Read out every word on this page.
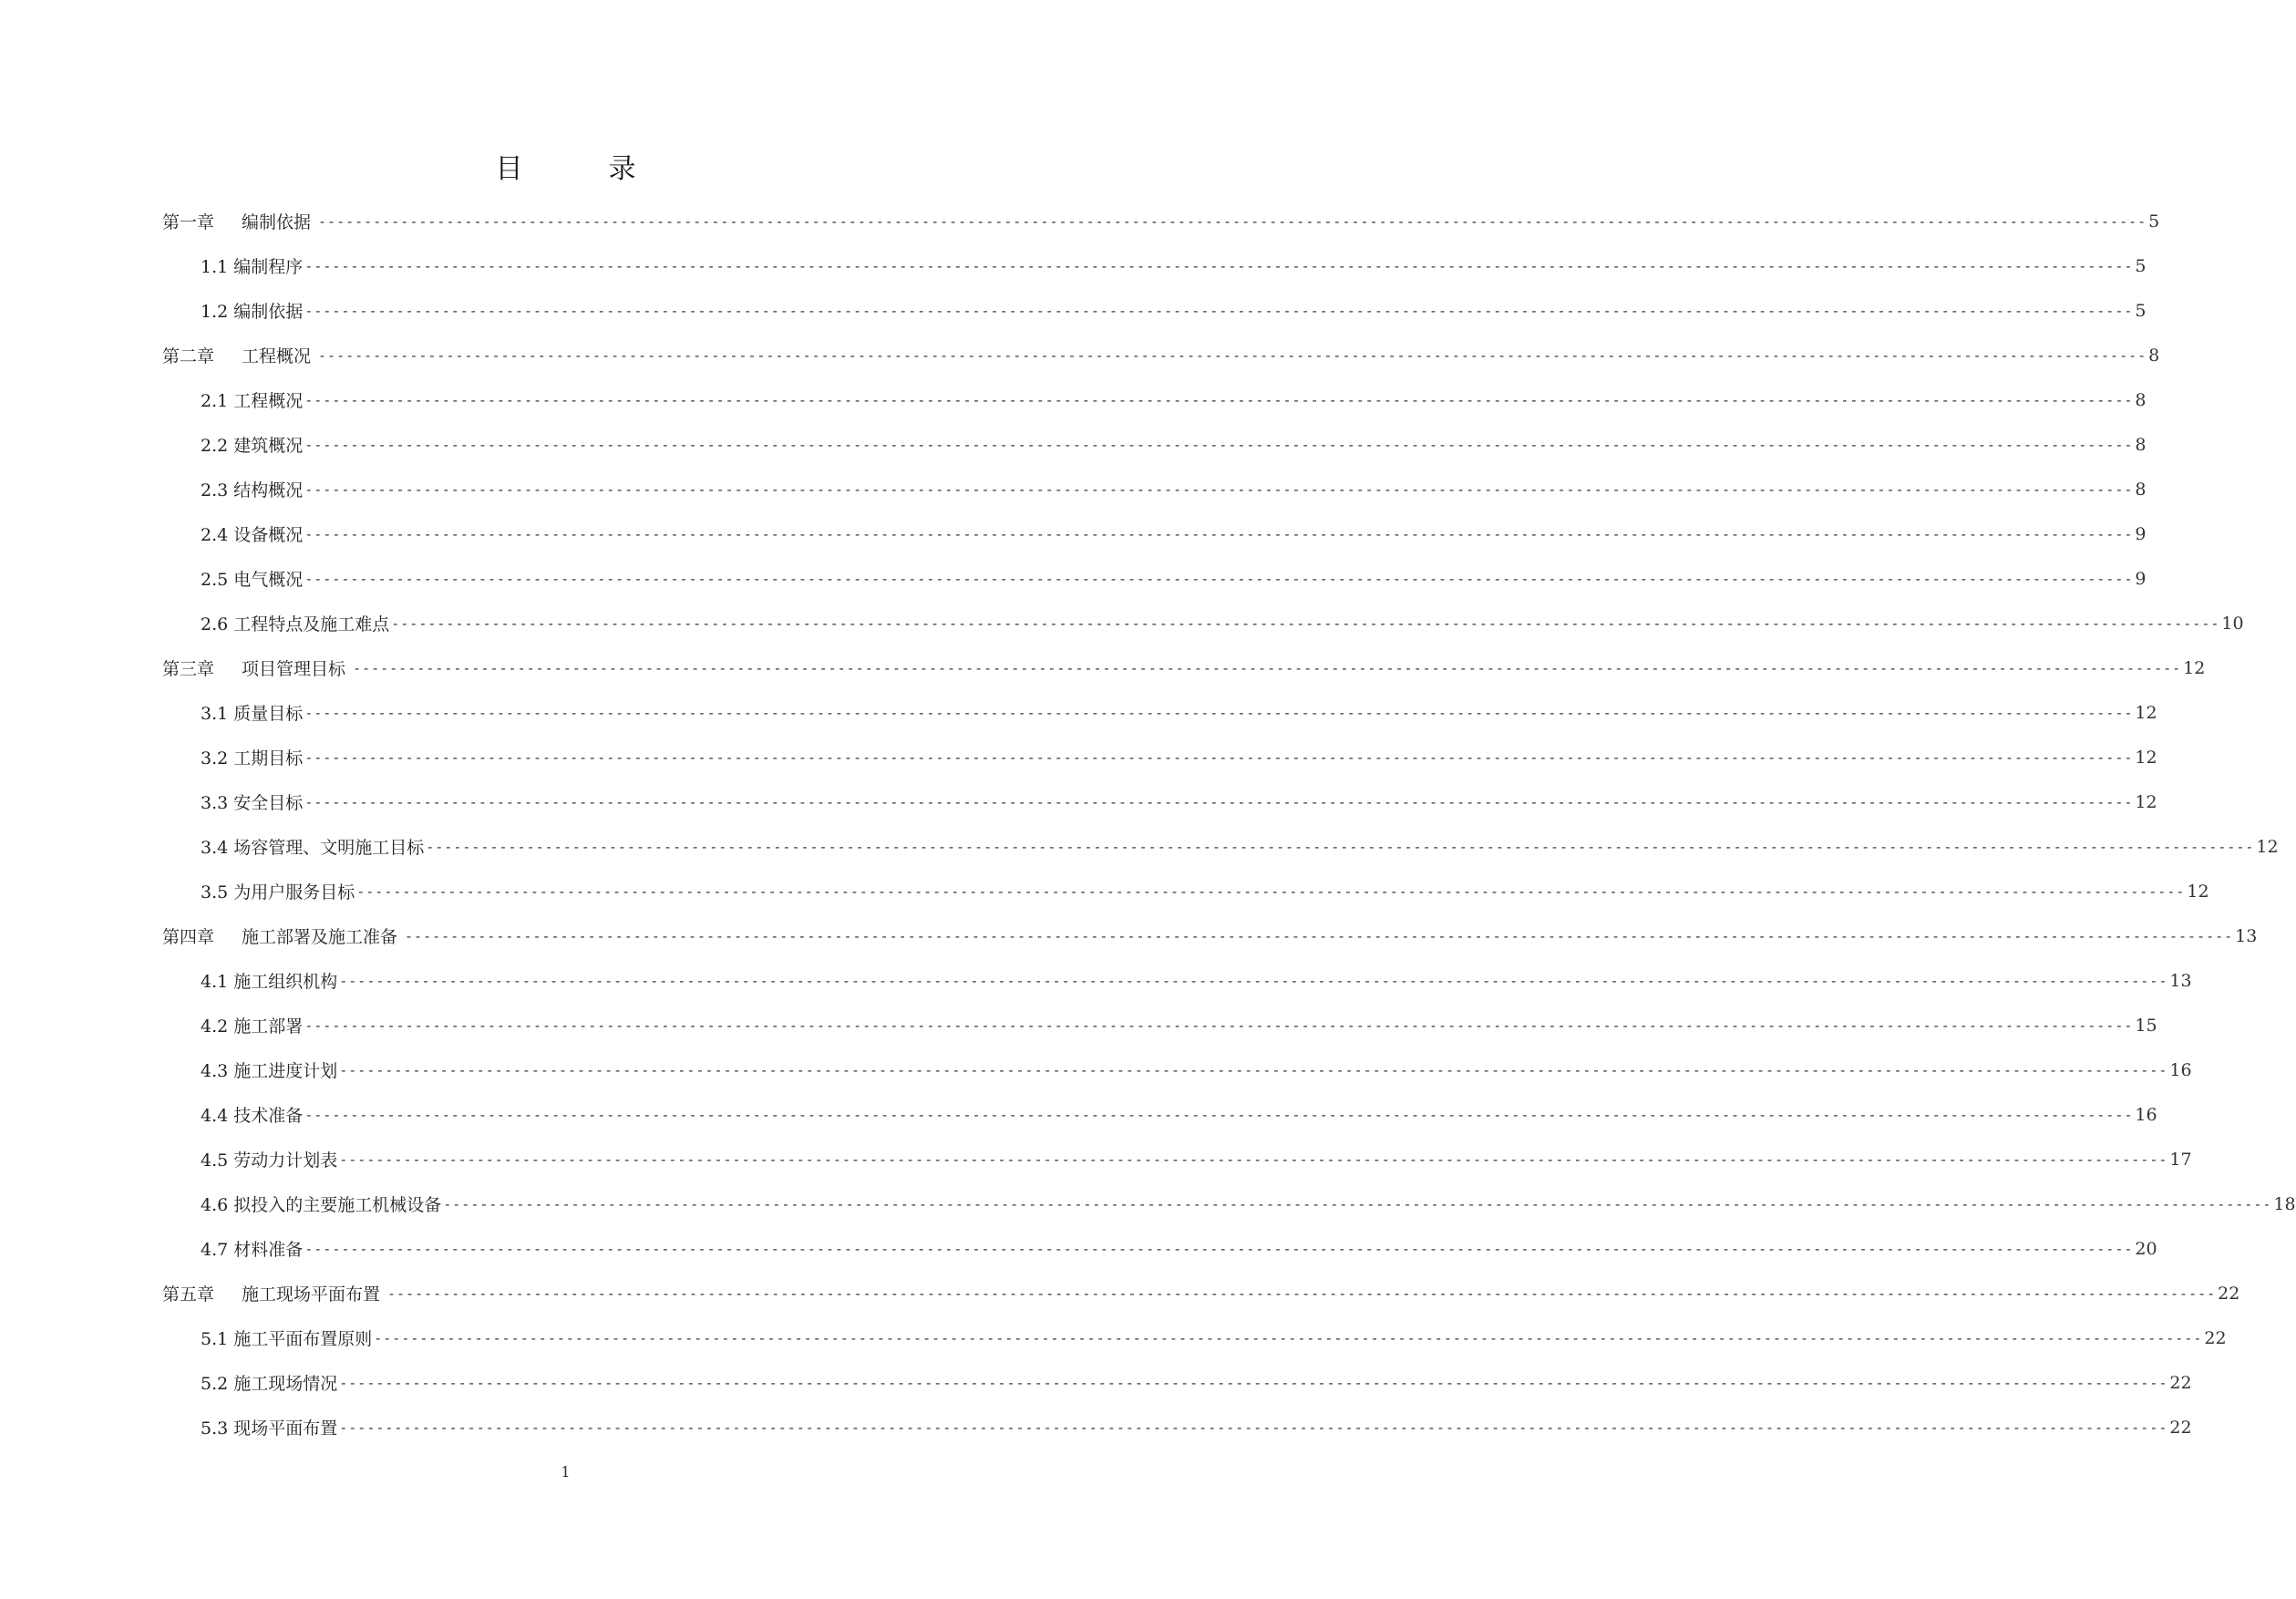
目	录
第一章 编制依据 -------------------------------------------------------------------------------------------------------------------------------------------------------------------------------------------------------- 5
1.1 编制程序 -------------------------------------------------------------------------------------------------------------------------------------------------------------------------------------------------------- 5
1.2 编制依据 -------------------------------------------------------------------------------------------------------------------------------------------------------------------------------------------------------- 5
第二章 工程概况 -------------------------------------------------------------------------------------------------------------------------------------------------------------------------------------------------------- 8
2.1 工程概况 -------------------------------------------------------------------------------------------------------------------------------------------------------------------------------------------------------- 8
2.2 建筑概况 -------------------------------------------------------------------------------------------------------------------------------------------------------------------------------------------------------- 8
2.3 结构概况 -------------------------------------------------------------------------------------------------------------------------------------------------------------------------------------------------------- 8
2.4 设备概况 -------------------------------------------------------------------------------------------------------------------------------------------------------------------------------------------------------- 9
2.5 电气概况 -------------------------------------------------------------------------------------------------------------------------------------------------------------------------------------------------------- 9
2.6 工程特点及施工难点 -------------------------------------------------------------------------------------------------------------------------------------------------------------------------------------------------------- 10
第三章 项目管理目标 -------------------------------------------------------------------------------------------------------------------------------------------------------------------------------------------------------- 12
3.1 质量目标 -------------------------------------------------------------------------------------------------------------------------------------------------------------------------------------------------------- 12
3.2 工期目标 -------------------------------------------------------------------------------------------------------------------------------------------------------------------------------------------------------- 12
3.3 安全目标 -------------------------------------------------------------------------------------------------------------------------------------------------------------------------------------------------------- 12
3.4 场容管理、文明施工目标 -------------------------------------------------------------------------------------------------------------------------------------------------------------------------------------------------------- 12
3.5 为用户服务目标 -------------------------------------------------------------------------------------------------------------------------------------------------------------------------------------------------------- 12
第四章 施工部署及施工准备 -------------------------------------------------------------------------------------------------------------------------------------------------------------------------------------------------------- 13
4.1 施工组织机构 -------------------------------------------------------------------------------------------------------------------------------------------------------------------------------------------------------- 13
4.2 施工部署 -------------------------------------------------------------------------------------------------------------------------------------------------------------------------------------------------------- 15
4.3 施工进度计划 -------------------------------------------------------------------------------------------------------------------------------------------------------------------------------------------------------- 16
4.4 技术准备 -------------------------------------------------------------------------------------------------------------------------------------------------------------------------------------------------------- 16
4.5 劳动力计划表 -------------------------------------------------------------------------------------------------------------------------------------------------------------------------------------------------------- 17
4.6 拟投入的主要施工机械设备 -------------------------------------------------------------------------------------------------------------------------------------------------------------------------------------------------------- 18
4.7 材料准备 -------------------------------------------------------------------------------------------------------------------------------------------------------------------------------------------------------- 20
第五章 施工现场平面布置 -------------------------------------------------------------------------------------------------------------------------------------------------------------------------------------------------------- 22
5.1 施工平面布置原则 -------------------------------------------------------------------------------------------------------------------------------------------------------------------------------------------------------- 22
5.2 施工现场情况 -------------------------------------------------------------------------------------------------------------------------------------------------------------------------------------------------------- 22
5.3 现场平面布置 -------------------------------------------------------------------------------------------------------------------------------------------------------------------------------------------------------- 22
1
